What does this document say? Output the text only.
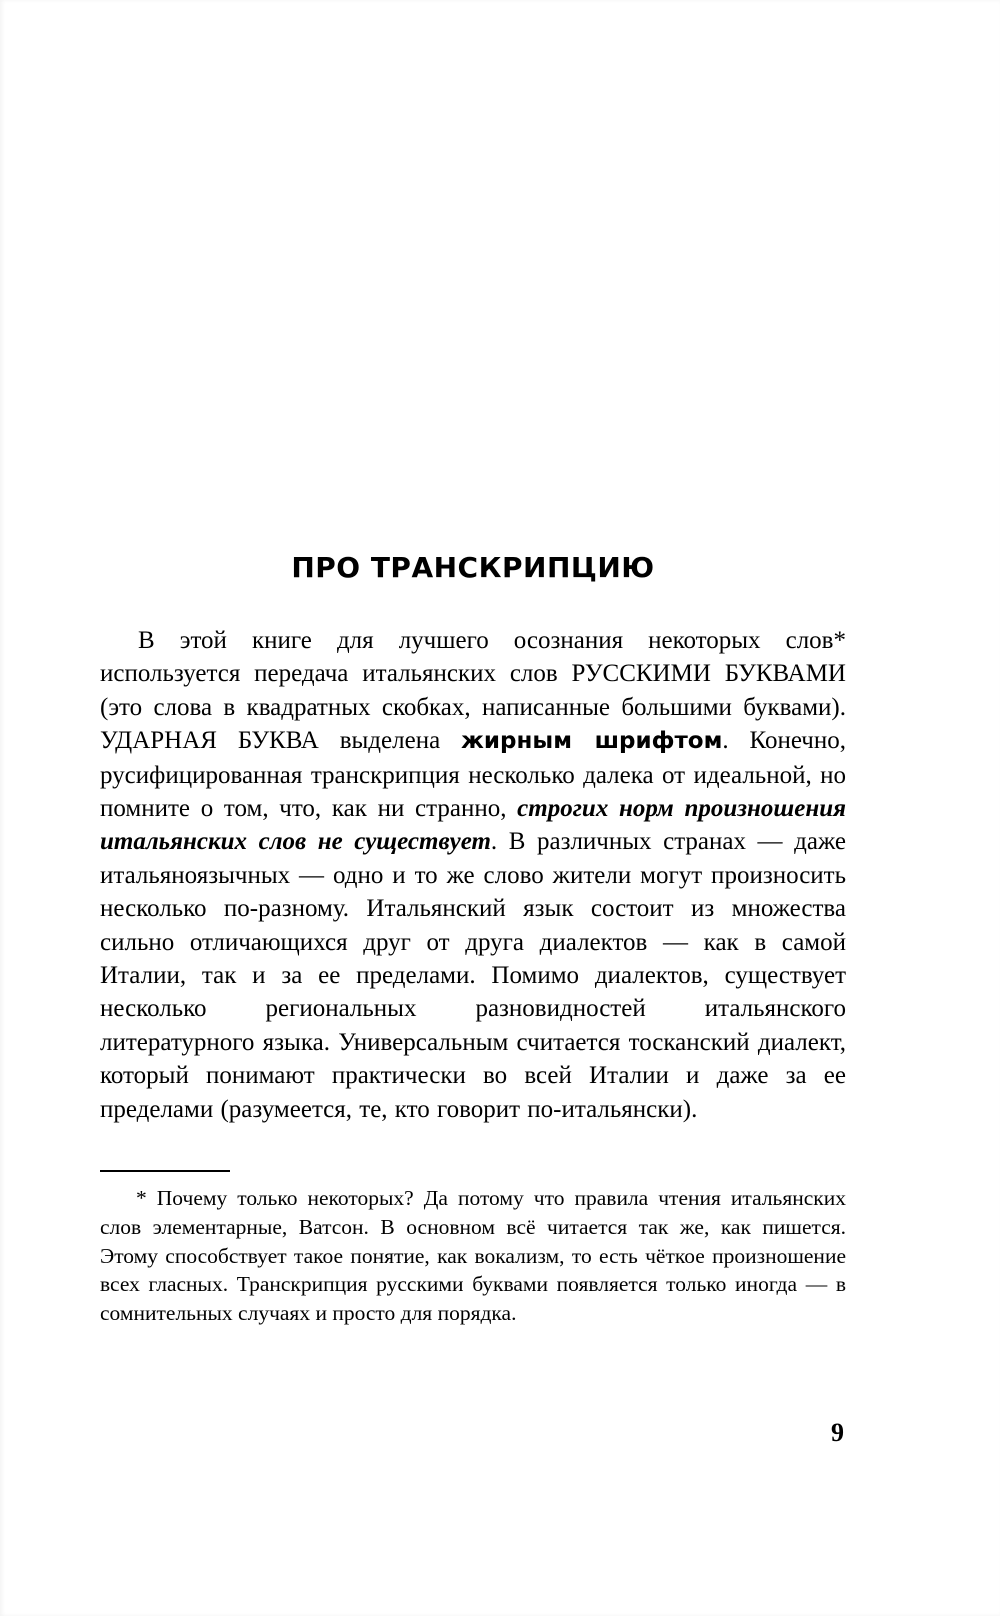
ПРО ТРАНСКРИПЦИЮ

В этой книге для лучшего осознания некоторых слов* используется передача итальянских слов РУССКИМИ БУКВАМИ (это слова в квадратных скобках, написанные большими буквами). УДАРНАЯ БУКВА выделена жирным шрифтом. Конечно, русифицированная транскрипция несколько далека от идеальной, но помните о том, что, как ни странно, строгих норм произношения итальянских слов не существует. В различных странах — даже итальяноязычных — одно и то же слово жители могут произносить несколько по-разному. Итальянский язык состоит из множества сильно отличающихся друг от друга диалектов — как в самой Италии, так и за ее пределами. Помимо диалектов, существует несколько региональных разновидностей итальянского литературного языка. Универсальным считается тосканский диалект, который понимают практически во всей Италии и даже за ее пределами (разумеется, те, кто говорит по-итальянски).

* Почему только некоторых? Да потому что правила чтения итальянских слов элементарные, Ватсон. В основном всё читается так же, как пишется. Этому способствует такое понятие, как вокализм, то есть чёткое произношение всех гласных. Транскрипция русскими буквами появляется только иногда — в сомнительных случаях и просто для порядка.

9
